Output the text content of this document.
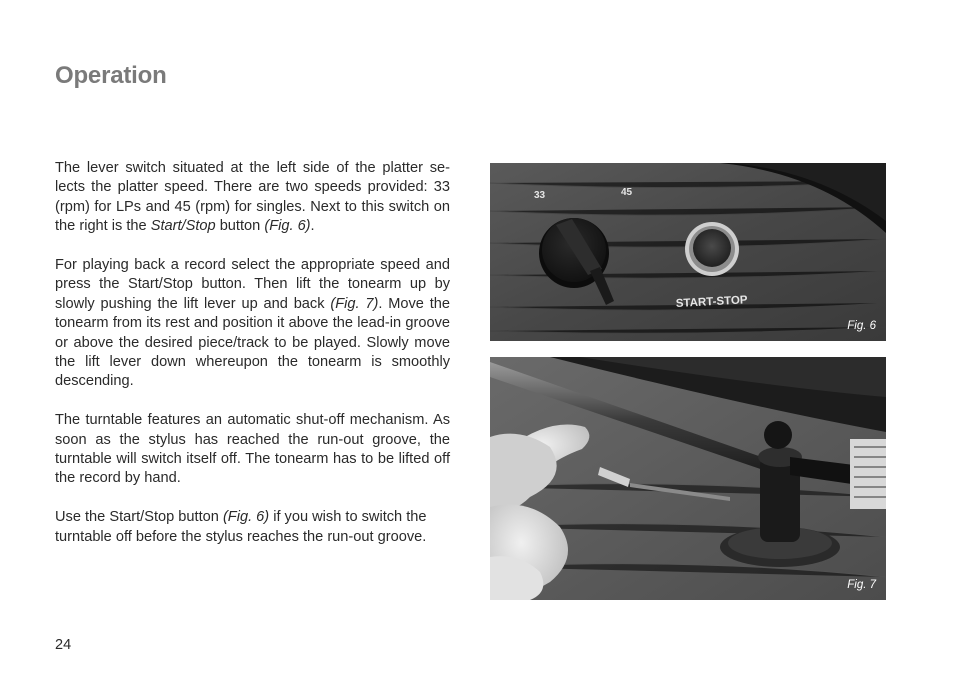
Operation

The lever switch situated at the left side of the platter se-lects the platter speed. There are two speeds provided: 33 (rpm) for LPs and 45 (rpm) for singles. Next to this switch on the right is the Start/Stop button (Fig. 6).

For playing back a record select the appropriate speed and press the Start/Stop button. Then lift the tonearm up by slowly pushing the lift lever up and back (Fig. 7). Move the tonearm from its rest and position it above the lead-in groove or above the desired piece/track to be played. Slowly move the lift lever down whereupon the tonearm is smoothly descending.

The turntable features an automatic shut-off mechanism. As soon as the stylus has reached the run-out groove, the turntable will switch itself off. The tonearm has to be lifted off the record by hand.

Use the Start/Stop button (Fig. 6) if you wish to switch the turntable off before the stylus reaches the run-out groove.

33	45
START-STOP
Fig. 6
Fig. 7
24
